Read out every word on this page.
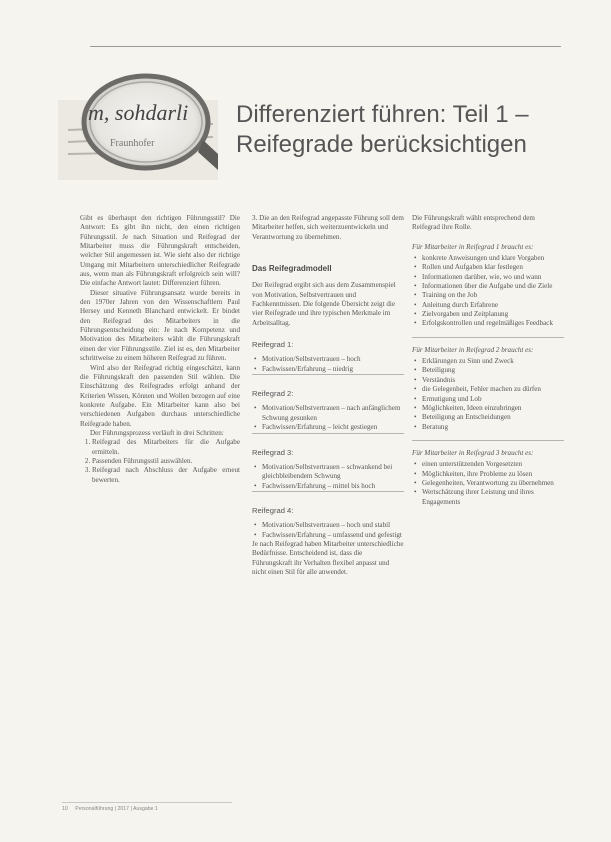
m, sohdarli
Fraunhofer
Differenziert führen: Teil 1 –
Reifegrade berücksichtigen

Gibt es überhaupt den richtigen Führungsstil? Die Antwort: Es gibt ihn nicht, den einen richtigen Führungsstil. Je nach Situation und Reifegrad der Mitarbeiter muss die Führungskraft entscheiden, welcher Stil angemessen ist. Wie sieht also der richtige Umgang mit Mitarbeitern unterschiedlicher Reifegrade aus, wenn man als Führungskraft erfolgreich sein will? Die einfache Antwort lautet: Differenziert führen.

Dieser situative Führungsansatz wurde bereits in den 1970er Jahren von den Wissenschaftlern Paul Hersey und Kenneth Blanchard entwickelt. Er bindet den Reifegrad des Mitarbeiters in die Führungsentscheidung ein: Je nach Kompetenz und Motivation des Mitarbeiters wählt die Führungskraft einen der vier Führungsstile. Ziel ist es, den Mitarbeiter schrittweise zu einem höheren Reifegrad zu führen.

Wird also der Reifegrad richtig eingeschätzt, kann die Führungskraft den passenden Stil wählen. Die Einschätzung des Reifegrades erfolgt anhand der Kriterien Wissen, Können und Wollen bezogen auf eine konkrete Aufgabe. Ein Mitarbeiter kann also bei verschiedenen Aufgaben durchaus unterschiedliche Reifegrade haben.

Der Führungsprozess verläuft in drei Schritten:

1. Reifegrad des Mitarbeiters für die Aufgabe ermitteln.
2. Passenden Führungsstil auswählen.
3. Reifegrad nach Abschluss der Aufgabe erneut bewerten.

3. Die an den Reifegrad angepasste Führung soll dem Mitarbeiter helfen, sich weiterzuentwickeln und Verantwortung zu übernehmen.

Das Reifegradmodell

Der Reifegrad ergibt sich aus dem Zusammenspiel von Motivation, Selbstvertrauen und Fachkenntnissen. Die folgende Übersicht zeigt die vier Reifegrade und ihre typischen Merkmale im Arbeitsalltag.

Reifegrad 1:
• Motivation/Selbstvertrauen – hoch
• Fachwissen/Erfahrung – niedrig
Reifegrad 2:
• Motivation/Selbstvertrauen – nach anfänglichem Schwung gesunken
• Fachwissen/Erfahrung – leicht gestiegen
Reifegrad 3:
• Motivation/Selbstvertrauen – schwankend bei gleichbleibendem Schwung
• Fachwissen/Erfahrung – mittel bis hoch
Reifegrad 4:
• Motivation/Selbstvertrauen – hoch und stabil
• Fachwissen/Erfahrung – umfassend und gefestigt

Je nach Reifegrad haben Mitarbeiter unterschiedliche Bedürfnisse. Entscheidend ist, dass die Führungskraft ihr Verhalten flexibel anpasst und nicht einen Stil für alle anwendet.

Die Führungskraft wählt entsprechend dem Reifegrad ihre Rolle.

Für Mitarbeiter in Reifegrad 1 braucht es:

• konkrete Anweisungen und klare Vorgaben
• Rollen und Aufgaben klar festlegen
• Informationen darüber, wie, wo und wann
• Informationen über die Aufgabe und die Ziele
• Training on the Job
• Anleitung durch Erfahrene
• Zielvorgaben und Zeitplanung
• Erfolgskontrollen und regelmäßiges Feedback

Für Mitarbeiter in Reifegrad 2 braucht es:

• Erklärungen zu Sinn und Zweck
• Beteiligung
• Verständnis
• die Gelegenheit, Fehler machen zu dürfen
• Ermutigung und Lob
• Möglichkeiten, Ideen einzubringen
• Beteiligung an Entscheidungen
• Beratung

Für Mitarbeiter in Reifegrad 3 braucht es:

• einen unterstützenden Vorgesetzten
• Möglichkeiten, ihre Probleme zu lösen
• Gelegenheiten, Verantwortung zu übernehmen
• Wertschätzung ihrer Leistung und ihres Engagements
10 Personalführung | 2017 | Ausgabe 1
